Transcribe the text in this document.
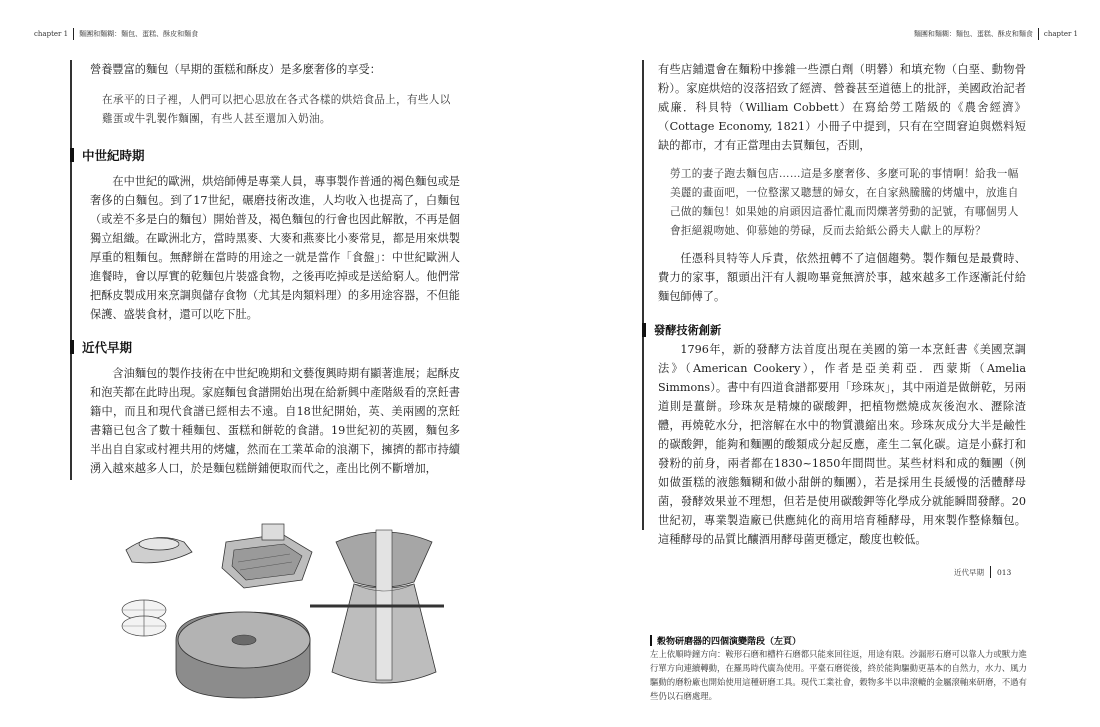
chapter 1 麵團和麵糊：麵包、蛋糕、酥皮和麵食

營養豐富的麵包（早期的蛋糕和酥皮）是多麼奢侈的享受：

在承平的日子裡，人們可以把心思放在各式各樣的烘焙食品上，有些人以雞蛋或牛乳製作麵團，有些人甚至還加入奶油。

中世紀時期

在中世紀的歐洲，烘焙師傅是專業人員，專事製作普通的褐色麵包或是奢侈的白麵包。到了17世紀，碾磨技術改進，人均收入也提高了，白麵包（或差不多是白的麵包）開始普及，褐色麵包的行會也因此解散，不再是個獨立組織。在歐洲北方，當時黑麥、大麥和燕麥比小麥常見，都是用來烘製厚重的粗麵包。無酵餅在當時的用途之一就是當作「食盤」：中世紀歐洲人進餐時，會以厚實的乾麵包片裝盛食物，之後再吃掉或是送給窮人。他們常把酥皮製成用來烹調與儲存食物（尤其是肉類料理）的多用途容器，不但能保護、盛裝食材，還可以吃下肚。

近代早期

含油麵包的製作技術在中世紀晚期和文藝復興時期有顯著進展；起酥皮和泡芙都在此時出現。家庭麵包食譜開始出現在給新興中產階級看的烹飪書籍中，而且和現代食譜已經相去不遠。自18世紀開始，英、美兩國的烹飪書籍已包含了數十種麵包、蛋糕和餅乾的食譜。19世紀初的英國，麵包多半出自自家或村裡共用的烤爐，然而在工業革命的浪潮下，擁擠的都市持續湧入越來越多人口，於是麵包糕餅鋪便取而代之，產出比例不斷增加，

麵團和麵糊：麵包、蛋糕、酥皮和麵食 chapter 1

有些店鋪還會在麵粉中摻雜一些漂白劑（明礬）和填充物（白堊、動物骨粉）。家庭烘焙的沒落招致了經濟、營養甚至道德上的批評，美國政治記者威廉．科貝特（William Cobbett）在寫給勞工階級的《農舍經濟》（Cottage Economy, 1821）小冊子中提到，只有在空間窘迫與燃料短缺的都市，才有正當理由去買麵包，否則，

勞工的妻子跑去麵包店……這是多麼奢侈、多麼可恥的事情啊！給我一幅美麗的畫面吧，一位整潔又聰慧的婦女，在自家熱騰騰的烤爐中，放進自己做的麵包！如果她的肩頭因這番忙亂而閃爍著勞動的記號，有哪個男人會拒絕親吻她、仰慕她的勞碌，反而去給紙公爵夫人獻上的厚粉？

任憑科貝特等人斥責，依然扭轉不了這個趨勢。製作麵包是最費時、費力的家事，額頭出汗有人親吻畢竟無濟於事，越來越多工作逐漸託付給麵包師傅了。

發酵技術創新

1796年，新的發酵方法首度出現在美國的第一本烹飪書《美國烹調法》（American Cookery），作者是亞美莉亞．西蒙斯（Amelia Simmons）。書中有四道食譜都要用「珍珠灰」，其中兩道是做餅乾，另兩道則是薑餅。珍珠灰是精煉的碳酸鉀，把植物燃燒成灰後泡水、瀝除渣體，再燒乾水分，把溶解在水中的物質濃縮出來。珍珠灰成分大半是鹼性的碳酸鉀，能夠和麵團的酸類成分起反應，產生二氧化碳。這是小蘇打和發粉的前身，兩者都在1830~1850年間問世。某些材料和成的麵團（例如做蛋糕的液態麵糊和做小甜餅的麵團），若是採用生長緩慢的活體酵母菌，發酵效果並不理想，但若是使用碳酸鉀等化學成分就能瞬間發酵。20世紀初，專業製造廠已供應純化的商用培育種酵母，用來製作整條麵包。這種酵母的品質比釀酒用酵母菌更穩定，酸度也較低。

近代早期 013
穀物研磨器的四個演變階段（左頁）

左上依順時鐘方向：鞍形石磨和槽杵石磨都只能來回往返，用途有限。沙漏形石磨可以靠人力或獸力進行單方向連續轉動，在羅馬時代廣為使用。平臺石磨從後，終於能夠驅動更基本的自然力，水力、風力驅動的磨粉廠也開始使用這種研磨工具。現代工業社會，穀物多半以串滾轆的金屬滾軸來研磨，不過有些仍以石磨處理。
